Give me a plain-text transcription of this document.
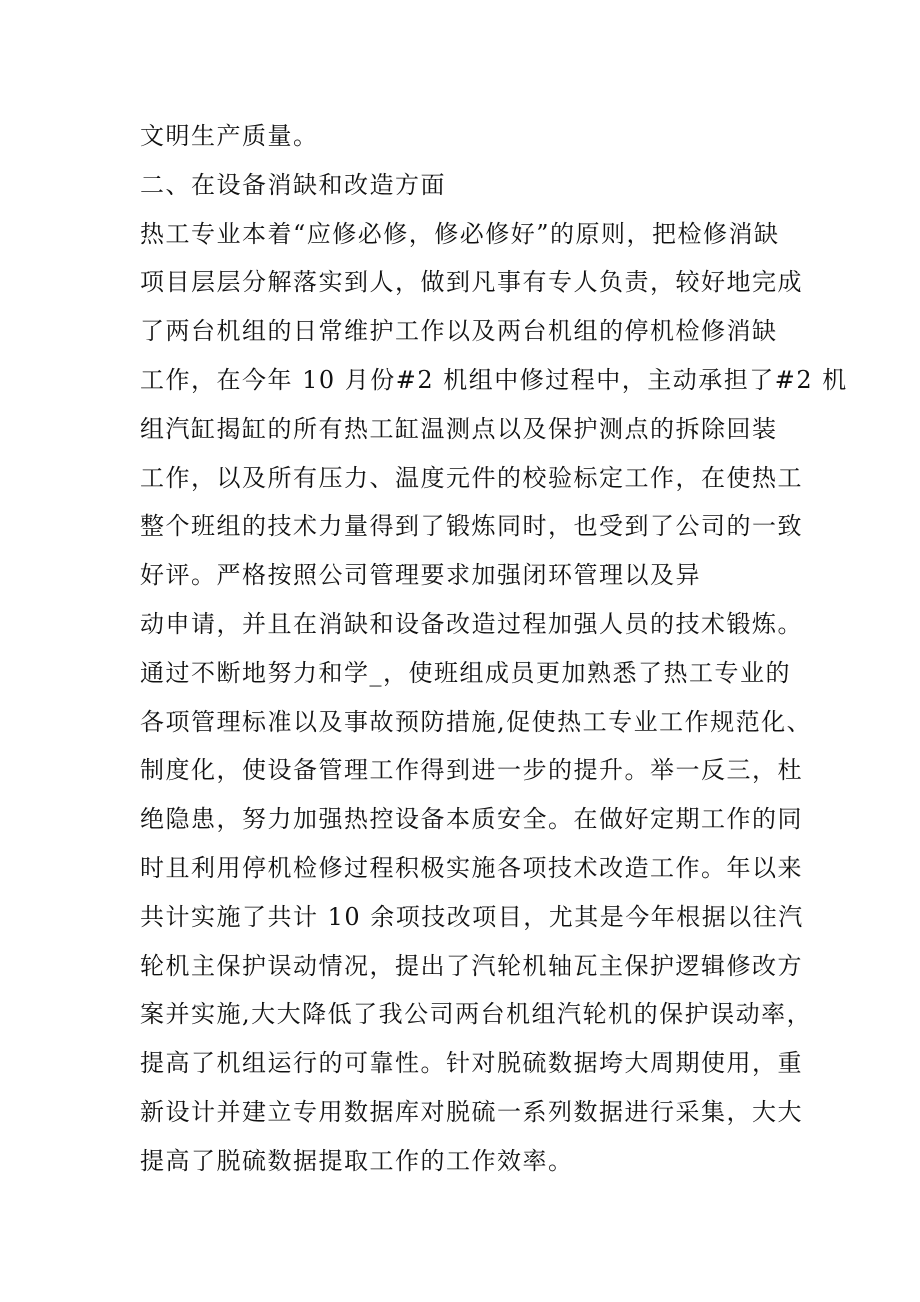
文明生产质量。
二、在设备消缺和改造方面
热工专业本着“应修必修，修必修好”的原则，把检修消缺
项目层层分解落实到人，做到凡事有专人负责，较好地完成
了两台机组的日常维护工作以及两台机组的停机检修消缺
工作，在今年 10 月份#2 机组中修过程中，主动承担了#2 机
组汽缸揭缸的所有热工缸温测点以及保护测点的拆除回装
工作，以及所有压力、温度元件的校验标定工作，在使热工
整个班组的技术力量得到了锻炼同时，也受到了公司的一致
好评。严格按照公司管理要求加强闭环管理以及异
动申请，并且在消缺和设备改造过程加强人员的技术锻炼。
通过不断地努力和学_，使班组成员更加熟悉了热工专业的
各项管理标准以及事故预防措施,促使热工专业工作规范化、
制度化，使设备管理工作得到进一步的提升。举一反三，杜
绝隐患，努力加强热控设备本质安全。在做好定期工作的同
时且利用停机检修过程积极实施各项技术改造工作。年以来
共计实施了共计 10 余项技改项目，尤其是今年根据以往汽
轮机主保护误动情况，提出了汽轮机轴瓦主保护逻辑修改方
案并实施,大大降低了我公司两台机组汽轮机的保护误动率，
提高了机组运行的可靠性。针对脱硫数据垮大周期使用，重
新设计并建立专用数据库对脱硫一系列数据进行采集，大大
提高了脱硫数据提取工作的工作效率。
